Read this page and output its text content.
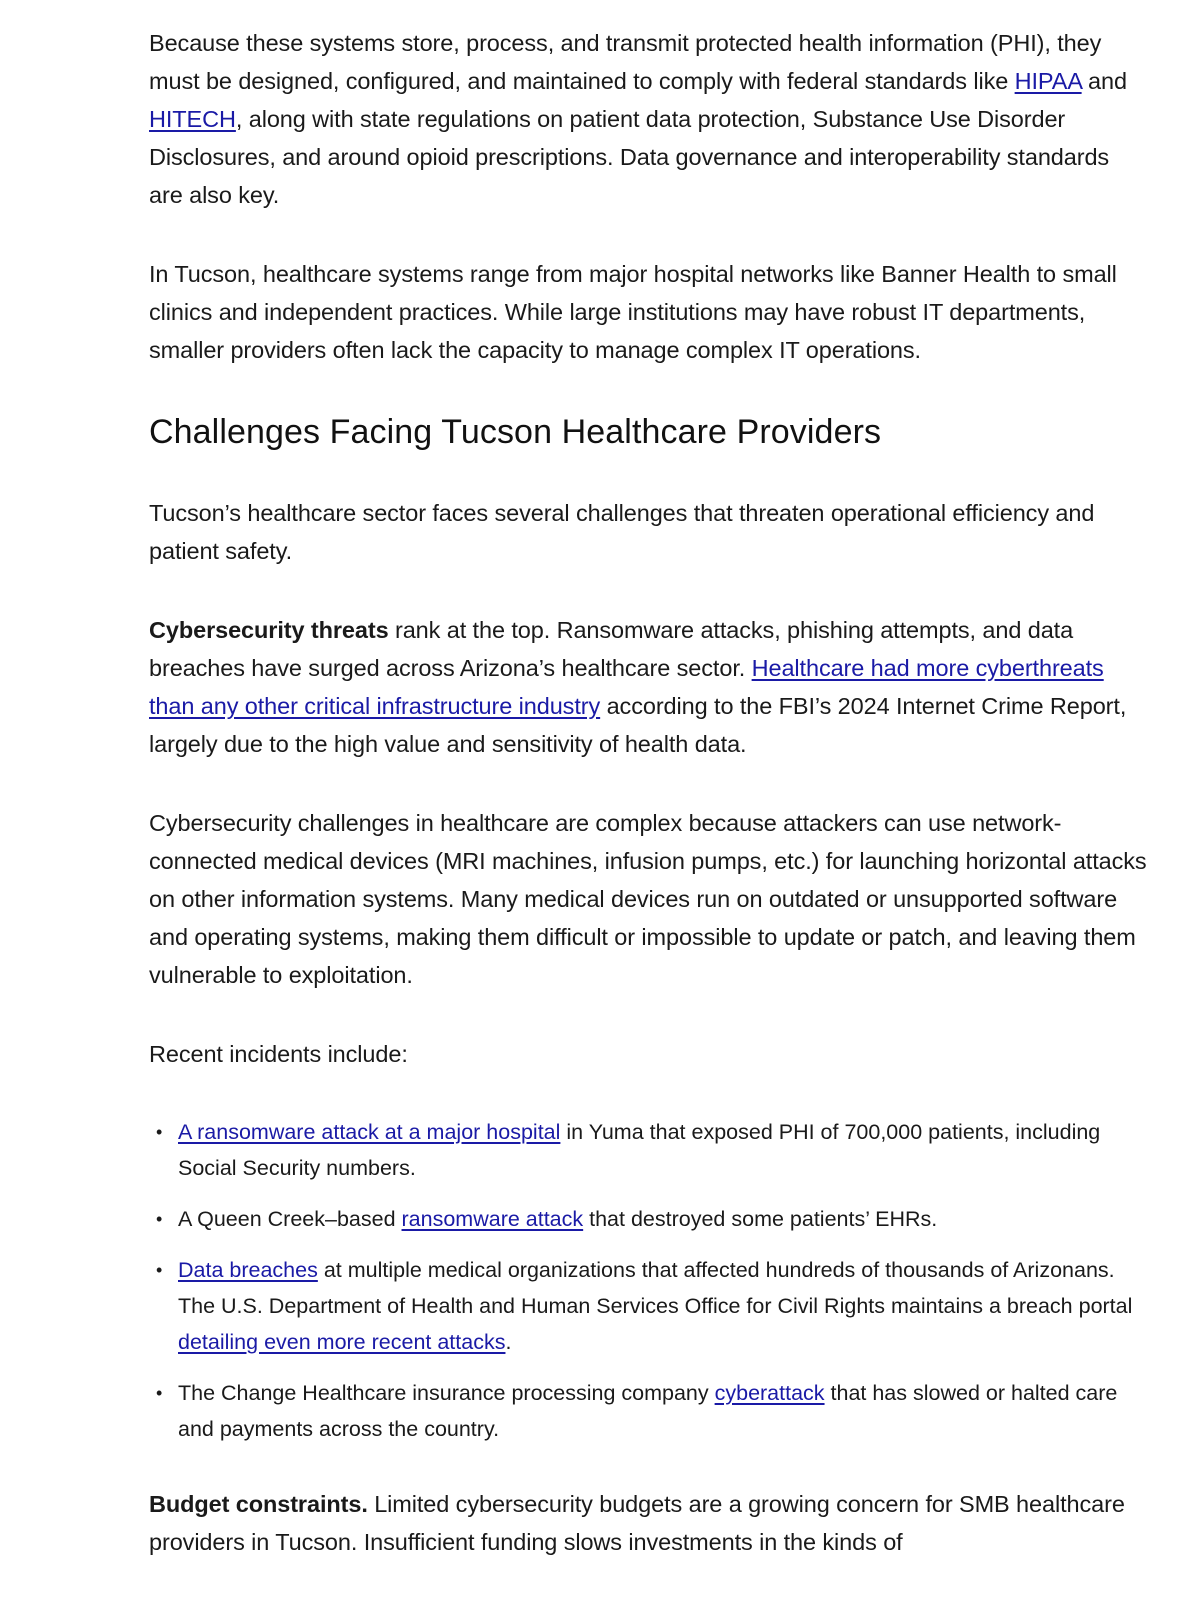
Because these systems store, process, and transmit protected health information (PHI), they must be designed, configured, and maintained to comply with federal standards like HIPAA and HITECH, along with state regulations on patient data protection, Substance Use Disorder Disclosures, and around opioid prescriptions. Data governance and interoperability standards are also key.

In Tucson, healthcare systems range from major hospital networks like Banner Health to small clinics and independent practices. While large institutions may have robust IT departments, smaller providers often lack the capacity to manage complex IT operations.

Challenges Facing Tucson Healthcare Providers

Tucson’s healthcare sector faces several challenges that threaten operational efficiency and patient safety.

Cybersecurity threats rank at the top. Ransomware attacks, phishing attempts, and data breaches have surged across Arizona’s healthcare sector. Healthcare had more cyberthreats than any other critical infrastructure industry according to the FBI’s 2024 Internet Crime Report, largely due to the high value and sensitivity of health data.

Cybersecurity challenges in healthcare are complex because attackers can use network-connected medical devices (MRI machines, infusion pumps, etc.) for launching horizontal attacks on other information systems. Many medical devices run on outdated or unsupported software and operating systems, making them difficult or impossible to update or patch, and leaving them vulnerable to exploitation.

Recent incidents include:

• A ransomware attack at a major hospital in Yuma that exposed PHI of 700,000 patients, including Social Security numbers.
• A Queen Creek–based ransomware attack that destroyed some patients’ EHRs.
• Data breaches at multiple medical organizations that affected hundreds of thousands of Arizonans. The U.S. Department of Health and Human Services Office for Civil Rights maintains a breach portal detailing even more recent attacks.
• The Change Healthcare insurance processing company cyberattack that has slowed or halted care and payments across the country.

Budget constraints. Limited cybersecurity budgets are a growing concern for SMB healthcare providers in Tucson. Insufficient funding slows investments in the kinds of
